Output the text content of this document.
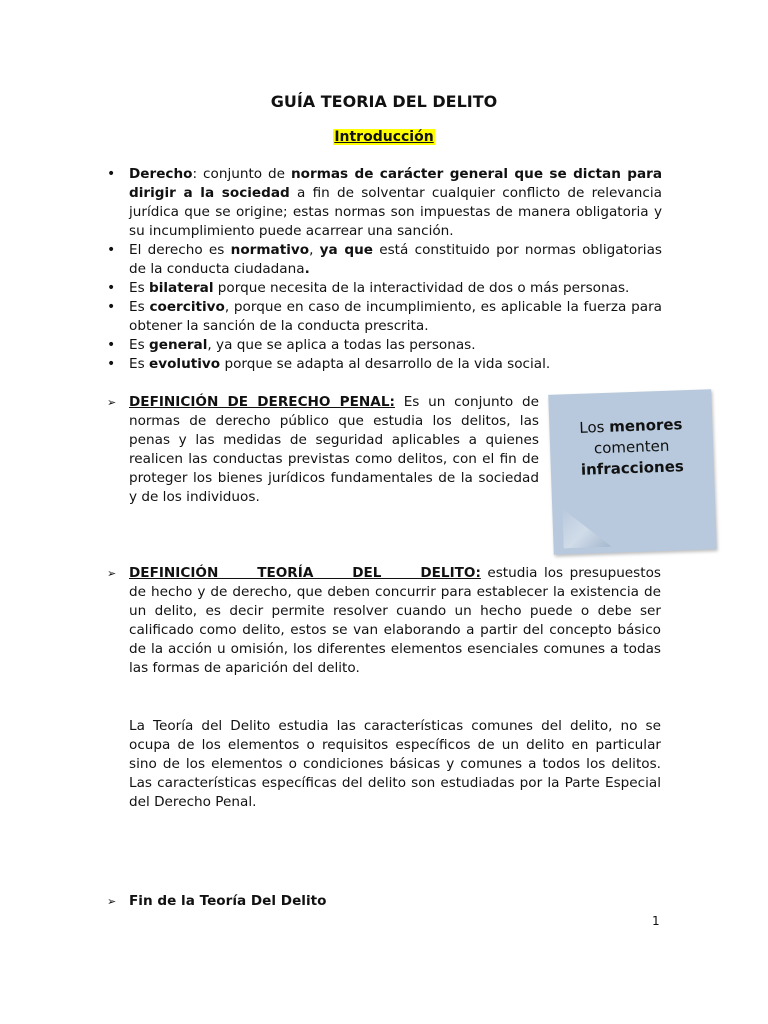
GUÍA TEORIA DEL DELITO
Introducción
• Derecho: conjunto de normas de carácter general que se dictan para dirigir a la sociedad a fin de solventar cualquier conflicto de relevancia jurídica que se origine; estas normas son impuestas de manera obligatoria y su incumplimiento puede acarrear una sanción.
• El derecho es normativo, ya que está constituido por normas obligatorias de la conducta ciudadana.
• Es bilateral porque necesita de la interactividad de dos o más personas.
• Es coercitivo, porque en caso de incumplimiento, es aplicable la fuerza para obtener la sanción de la conducta prescrita.
• Es general, ya que se aplica a todas las personas.
• Es evolutivo porque se adapta al desarrollo de la vida social.
➢ DEFINICIÓN DE DERECHO PENAL: Es un conjunto de normas de derecho público que estudia los delitos, las penas y las medidas de seguridad aplicables a quienes realicen las conductas previstas como delitos, con el fin de proteger los bienes jurídicos fundamentales de la sociedad y de los individuos.
Los menores
comenten
infracciones
➢ DEFINICIÓN TEORÍA DEL DELITO: estudia los presupuestos de hecho y de derecho, que deben concurrir para establecer la existencia de un delito, es decir permite resolver cuando un hecho puede o debe ser calificado como delito, estos se van elaborando a partir del concepto básico de la acción u omisión, los diferentes elementos esenciales comunes a todas las formas de aparición del delito.
La Teoría del Delito estudia las características comunes del delito, no se ocupa de los elementos o requisitos específicos de un delito en particular sino de los elementos o condiciones básicas y comunes a todos los delitos. Las características específicas del delito son estudiadas por la Parte Especial del Derecho Penal.
➢ Fin de la Teoría Del Delito
1
